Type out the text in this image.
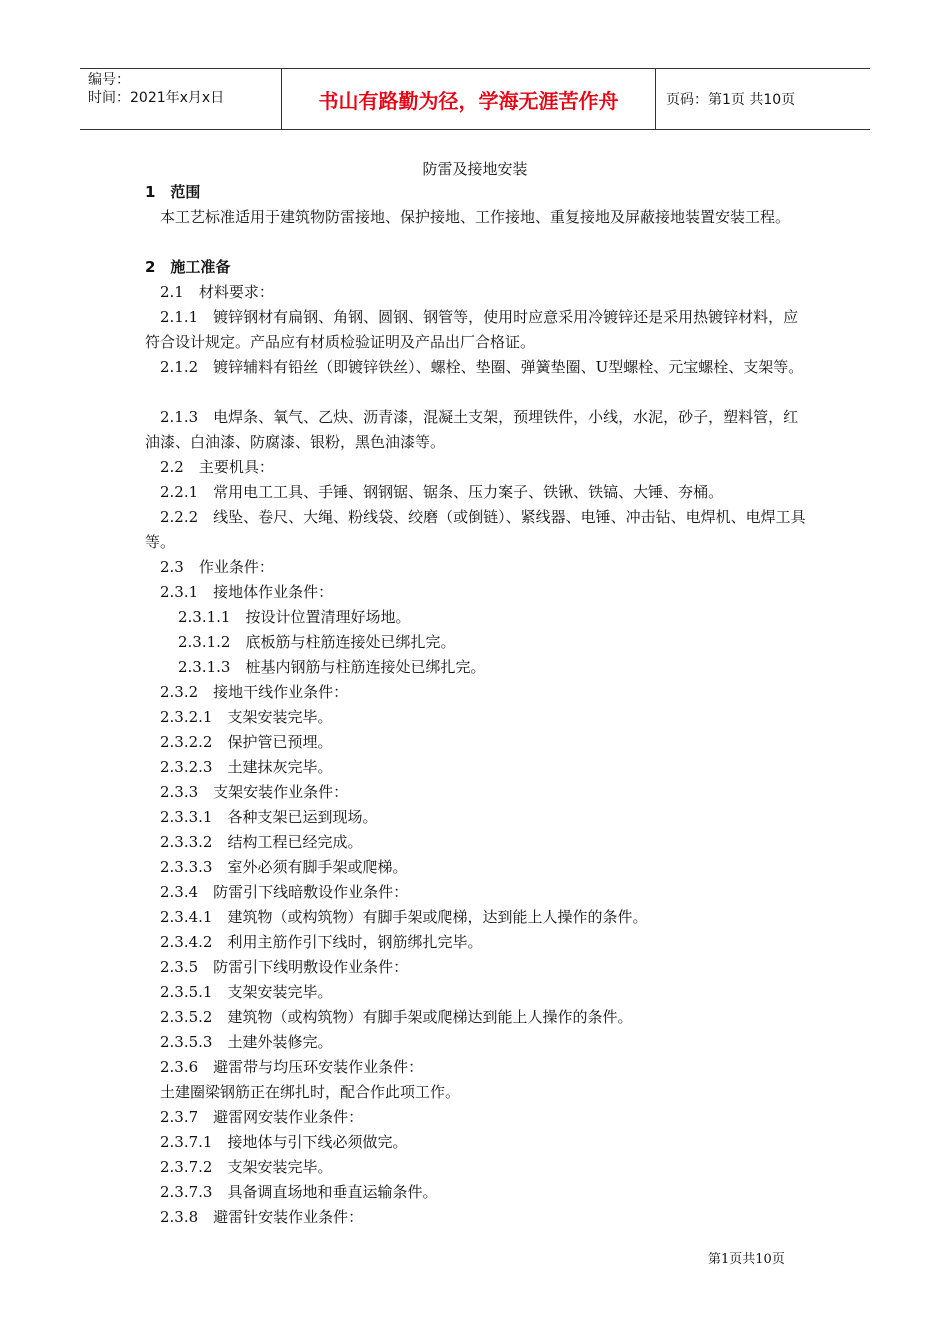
编号：
时间：2021年x月x日	书山有路勤为径，学海无涯苦作舟	页码：第1页 共10页
防雷及接地安装
1　范围
本工艺标准适用于建筑物防雷接地、保护接地、工作接地、重复接地及屏蔽接地装置安装工程。
2　施工准备
2.1　材料要求：
2.1.1　镀锌钢材有扁钢、角钢、圆钢、钢管等，使用时应意采用冷镀锌还是采用热镀锌材料，应符合设计规定。产品应有材质检验证明及产品出厂合格证。
2.1.2　镀锌辅料有铅丝（即镀锌铁丝）、螺栓、垫圈、弹簧垫圈、U型螺栓、元宝螺栓、支架等。
2.1.3　电焊条、氧气、乙炔、沥青漆，混凝土支架，预埋铁件，小线，水泥，砂子，塑料管，红油漆、白油漆、防腐漆、银粉，黑色油漆等。
2.2　主要机具：
2.2.1　常用电工工具、手锤、钢钢锯、锯条、压力案子、铁锹、铁镐、大锤、夯桶。
2.2.2　线坠、卷尺、大绳、粉线袋、绞磨（或倒链）、紧线器、电锤、冲击钻、电焊机、电焊工具等。
2.3　作业条件：
2.3.1　接地体作业条件：
2.3.1.1　按设计位置清理好场地。
2.3.1.2　底板筋与柱筋连接处已绑扎完。
2.3.1.3　桩基内钢筋与柱筋连接处已绑扎完。
2.3.2　接地干线作业条件：
2.3.2.1　支架安装完毕。
2.3.2.2　保护管已预埋。
2.3.2.3　土建抹灰完毕。
2.3.3　支架安装作业条件：
2.3.3.1　各种支架已运到现场。
2.3.3.2　结构工程已经完成。
2.3.3.3　室外必须有脚手架或爬梯。
2.3.4　防雷引下线暗敷设作业条件：
2.3.4.1　建筑物（或构筑物）有脚手架或爬梯，达到能上人操作的条件。
2.3.4.2　利用主筋作引下线时，钢筋绑扎完毕。
2.3.5　防雷引下线明敷设作业条件：
2.3.5.1　支架安装完毕。
2.3.5.2　建筑物（或构筑物）有脚手架或爬梯达到能上人操作的条件。
2.3.5.3　土建外装修完。
2.3.6　避雷带与均压环安装作业条件：
土建圈梁钢筋正在绑扎时，配合作此项工作。
2.3.7　避雷网安装作业条件：
2.3.7.1　接地体与引下线必须做完。
2.3.7.2　支架安装完毕。
2.3.7.3　具备调直场地和垂直运输条件。
2.3.8　避雷针安装作业条件：
第1页共10页
